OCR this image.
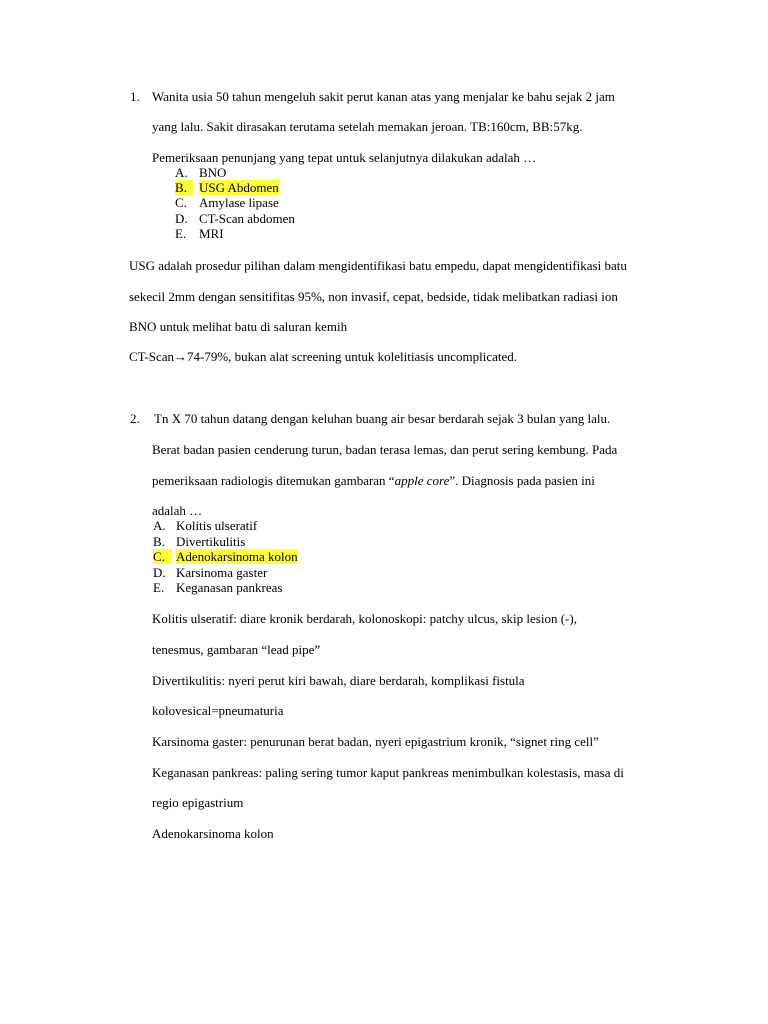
1. Wanita usia 50 tahun mengeluh sakit perut kanan atas yang menjalar ke bahu sejak 2 jam
yang lalu. Sakit dirasakan terutama setelah memakan jeroan. TB:160cm, BB:57kg.
Pemeriksaan penunjang yang tepat untuk selanjutnya dilakukan adalah …
A. BNO
B. USG Abdomen
C. Amylase lipase
D. CT-Scan abdomen
E. MRI
USG adalah prosedur pilihan dalam mengidentifikasi batu empedu, dapat mengidentifikasi batu
sekecil 2mm dengan sensitifitas 95%, non invasif, cepat, bedside, tidak melibatkan radiasi ion
BNO untuk melihat batu di saluran kemih
CT-Scan→74-79%, bukan alat screening untuk kolelitiasis uncomplicated.
2. Tn X 70 tahun datang dengan keluhan buang air besar berdarah sejak 3 bulan yang lalu.
Berat badan pasien cenderung turun, badan terasa lemas, dan perut sering kembung. Pada
pemeriksaan radiologis ditemukan gambaran “apple core”. Diagnosis pada pasien ini
adalah …
A. Kolitis ulseratif
B. Divertikulitis
C. Adenokarsinoma kolon
D. Karsinoma gaster
E. Keganasan pankreas
Kolitis ulseratif: diare kronik berdarah, kolonoskopi: patchy ulcus, skip lesion (-),
tenesmus, gambaran “lead pipe”
Divertikulitis: nyeri perut kiri bawah, diare berdarah, komplikasi fistula
kolovesical=pneumaturia
Karsinoma gaster: penurunan berat badan, nyeri epigastrium kronik, “signet ring cell”
Keganasan pankreas: paling sering tumor kaput pankreas menimbulkan kolestasis, masa di
regio epigastrium
Adenokarsinoma kolon
